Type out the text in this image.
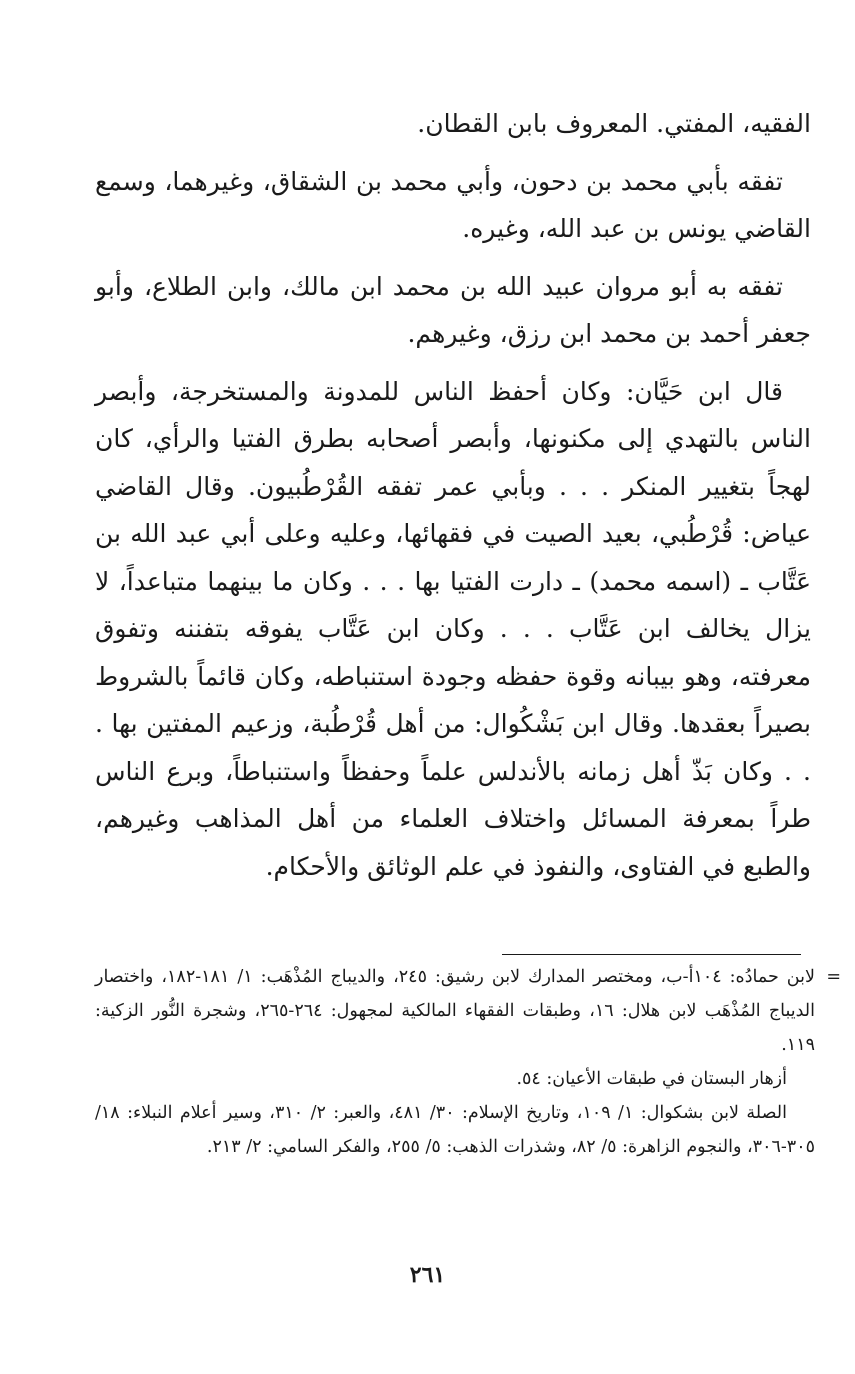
الفقيه، المفتي. المعروف بابن القطان.

تفقه بأبي محمد بن دحون، وأبي محمد بن الشقاق، وغيرهما، وسمع القاضي يونس بن عبد الله، وغيره.

تفقه به أبو مروان عبيد الله بن محمد ابن مالك، وابن الطلاع، وأبو جعفر أحمد بن محمد ابن رزق، وغيرهم.

قال ابن حَيَّان: وكان أحفظ الناس للمدونة والمستخرجة، وأبصر الناس بالتهدي إلى مكنونها، وأبصر أصحابه بطرق الفتيا والرأي، كان لهجاً بتغيير المنكر . . . وبأبي عمر تفقه القُرْطُبيون. وقال القاضي عياض: قُرْطُبي، بعيد الصيت في فقهائها، وعليه وعلى أبي عبد الله بن عَتَّاب ـ (اسمه محمد) ـ دارت الفتيا بها . . . وكان ما بينهما متباعداً، لا يزال يخالف ابن عَتَّاب . . . وكان ابن عَتَّاب يفوقه بتفننه وتفوق معرفته، وهو بيبانه وقوة حفظه وجودة استنباطه، وكان قائماً بالشروط بصيراً بعقدها. وقال ابن بَشْكُوال: من أهل قُرْطُبة، وزعيم المفتين بها . . . وكان بَذّ أهل زمانه بالأندلس علماً وحفظاً واستنباطاً، وبرع الناس طراً بمعرفة المسائل واختلاف العلماء من أهل المذاهب وغيرهم، والطبع في الفتاوى، والنفوذ في علم الوثائق والأحكام.

= لابن حمادُه: ١٠٤أ-ب، ومختصر المدارك لابن رشيق: ٢٤٥، والديباج المُذْهَب: ١/ ١٨١-١٨٢، واختصار الديباج المُذْهَب لابن هلال: ١٦، وطبقات الفقهاء المالكية لمجهول: ٢٦٤-٢٦٥، وشجرة النُّور الزكية: ١١٩.

أزهار البستان في طبقات الأعيان: ٥٤.

الصلة لابن بشكوال: ١/ ١٠٩، وتاريخ الإسلام: ٣٠/ ٤٨١، والعبر: ٢/ ٣١٠، وسير أعلام النبلاء: ١٨/ ٣٠٥-٣٠٦، والنجوم الزاهرة: ٥/ ٨٢، وشذرات الذهب: ٥/ ٢٥٥، والفكر السامي: ٢/ ٢١٣.

٢٦١
